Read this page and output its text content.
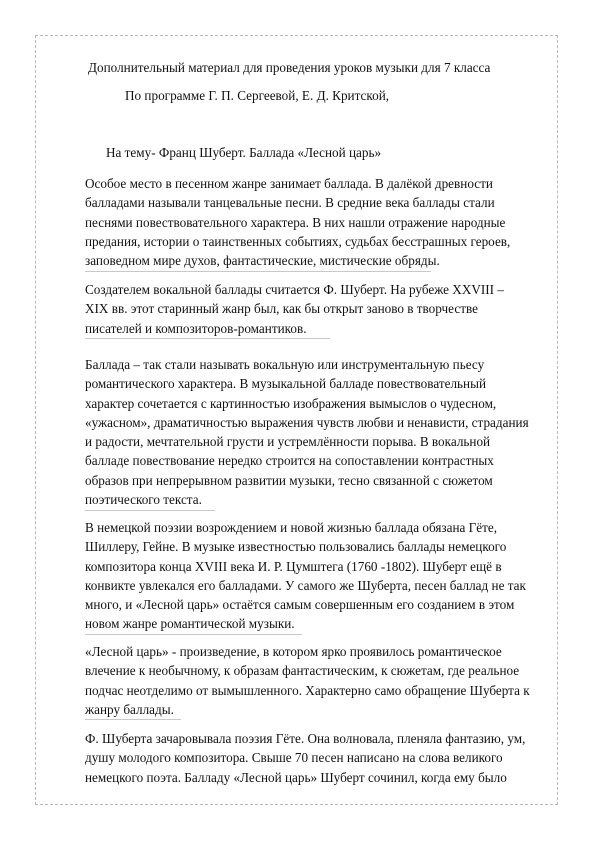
Дополнительный материал для проведения уроков музыки для 7 класса
По программе Г. П. Сергеевой, Е. Д. Критской,
На тему- Франц Шуберт. Баллада «Лесной царь»
Особое место в песенном жанре занимает баллада. В далёкой древности
балладами называли танцевальные песни. В средние века баллады стали
песнями повествовательного характера. В них нашли отражение народные
предания, истории о таинственных событиях, судьбах бесстрашных героев,
заповедном мире духов, фантастические, мистические обряды.
Создателем вокальной баллады считается Ф. Шуберт. На рубеже XXVIII –
XIX вв. этот старинный жанр был, как бы открыт заново в творчестве
писателей и композиторов-романтиков.
Баллада – так стали называть вокальную или инструментальную пьесу
романтического характера. В музыкальной балладе повествовательный
характер сочетается с картинностью изображения вымыслов о чудесном,
«ужасном», драматичностью выражения чувств любви и ненависти, страдания
и радости, мечтательной грусти и устремлённости порыва. В вокальной
балладе повествование нередко строится на сопоставлении контрастных
образов при непрерывном развитии музыки, тесно связанной с сюжетом
поэтического текста.
В немецкой поэзии возрождением и новой жизнью баллада обязана Гёте,
Шиллеру, Гейне. В музыке известностью пользовались баллады немецкого
композитора конца XVIII века И. Р. Цумштега (1760 -1802). Шуберт ещё в
конвикте увлекался его балладами. У самого же Шуберта, песен баллад не так
много, и «Лесной царь» остаётся самым совершенным его созданием в этом
новом жанре романтической музыки.
«Лесной царь» - произведение, в котором ярко проявилось романтическое
влечение к необычному, к образам фантастическим, к сюжетам, где реальное
подчас неотделимо от вымышленного. Характерно само обращение Шуберта к
жанру баллады.
Ф. Шуберта зачаровывала поэзия Гёте. Она волновала, пленяла фантазию, ум,
душу молодого композитора. Свыше 70 песен написано на слова великого
немецкого поэта. Балладу «Лесной царь» Шуберт сочинил, когда ему было
